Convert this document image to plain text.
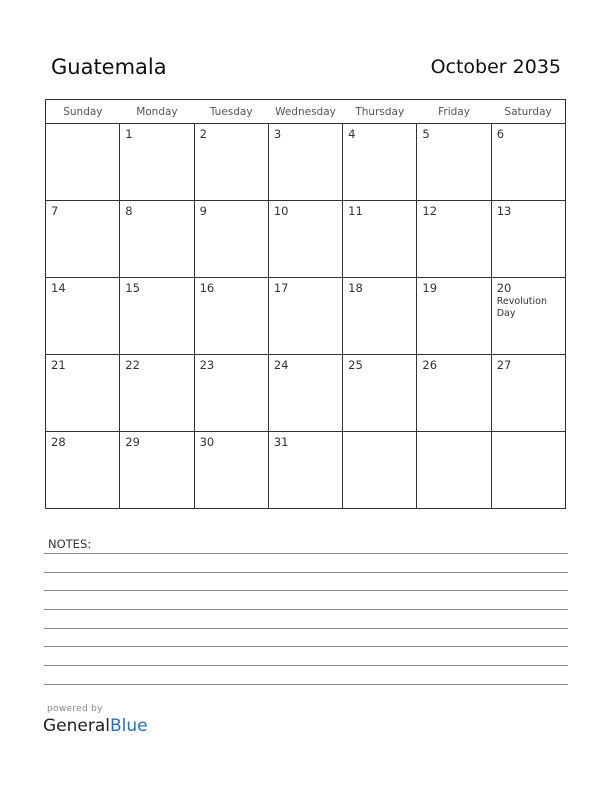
Guatemala	October 2035
Sunday	Monday	Tuesday	Wednesday	Thursday	Friday	Saturday

	1	2	3	4	5	6

7	8	9	10	11	12	13

14	15	16	17	18	19	20
Revolution Day

21	22	23	24	25	26	27

28	29	30	31			

NOTES:
powered by
GeneralBlue
